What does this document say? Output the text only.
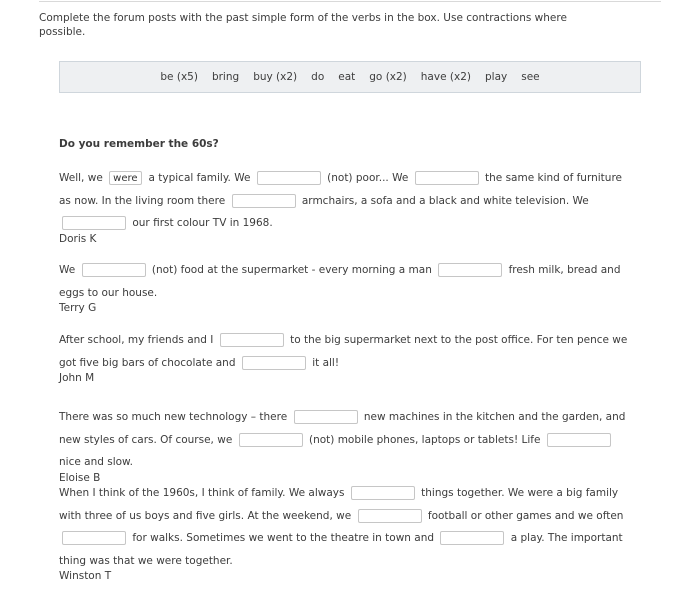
Complete the forum posts with the past simple form of the verbs in the box. Use contractions where possible.
be (x5) bring buy (x2) do eat go (x2) have (x2) play see
Do you remember the 60s?
Well, we were	a typical family. We	(not) poor... We	the same kind of furniture as now. In the living room there	armchairs, a sofa and a black and white television. We  our first colour TV in 1968.
Doris K
We	(not) food at the supermarket - every morning a man	fresh milk, bread and eggs to our house.
Terry G
After school, my friends and I	to the big supermarket next to the post office. For ten pence we got five big bars of chocolate and	it all!
John M
There was so much new technology – there	new machines in the kitchen and the garden, and new styles of cars. Of course, we	(not) mobile phones, laptops or tablets! Life  nice and slow.
Eloise B
When I think of the 1960s, I think of family. We always	things together. We were a big family with three of us boys and five girls. At the weekend, we	football or other games and we often  for walks. Sometimes we went to the theatre in town and	a play. The important thing was that we were together.
Winston T
